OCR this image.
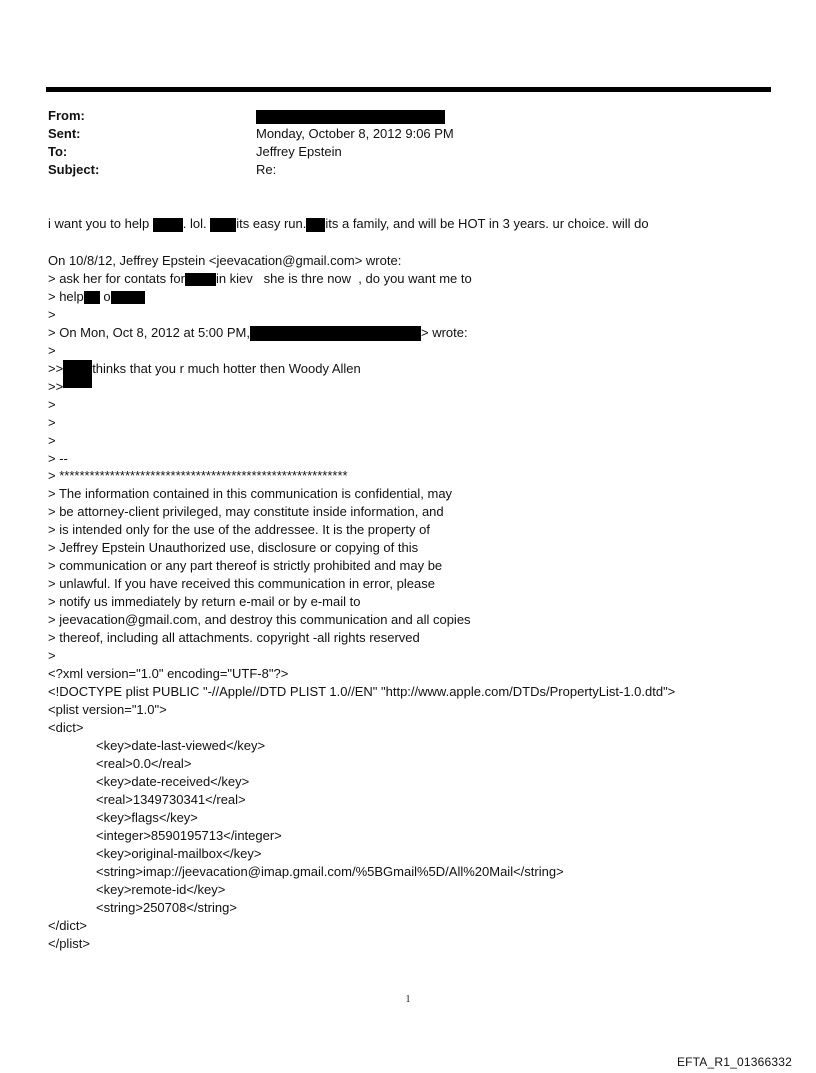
From:
Sent:	Monday, October 8, 2012 9:06 PM
To:	Jeffrey Epstein
Subject:	Re:
i want you to help . lol. its easy run. its a family, and will be HOT in 3 years. ur choice. will do
On 10/8/12, Jeffrey Epstein <jeevacation@gmail.com> wrote:
> ask her for contats for in kiev   she is thre now  , do you want me to
> help o
>
> On Mon, Oct 8, 2012 at 5:00 PM,	> wrote:
>
>> thinks that you r much hotter then Woody Allen
>>
>
>
>
> --
> *********************************************************
> The information contained in this communication is confidential, may
> be attorney-client privileged, may constitute inside information, and
> is intended only for the use of the addressee. It is the property of
> Jeffrey Epstein Unauthorized use, disclosure or copying of this
> communication or any part thereof is strictly prohibited and may be
> unlawful. If you have received this communication in error, please
> notify us immediately by return e-mail or by e-mail to
> jeevacation@gmail.com, and destroy this communication and all copies
> thereof, including all attachments. copyright -all rights reserved
>
<?xml version="1.0" encoding="UTF-8"?>
<!DOCTYPE plist PUBLIC "-//Apple//DTD PLIST 1.0//EN" "http://www.apple.com/DTDs/PropertyList-1.0.dtd">
<plist version="1.0">
<dict>
<key>date-last-viewed</key>
<real>0.0</real>
<key>date-received</key>
<real>1349730341</real>
<key>flags</key>
<integer>8590195713</integer>
<key>original-mailbox</key>
<string>imap://jeevacation@imap.gmail.com/%5BGmail%5D/All%20Mail</string>
<key>remote-id</key>
<string>250708</string>
</dict>
</plist>
1
EFTA_R1_01366332
